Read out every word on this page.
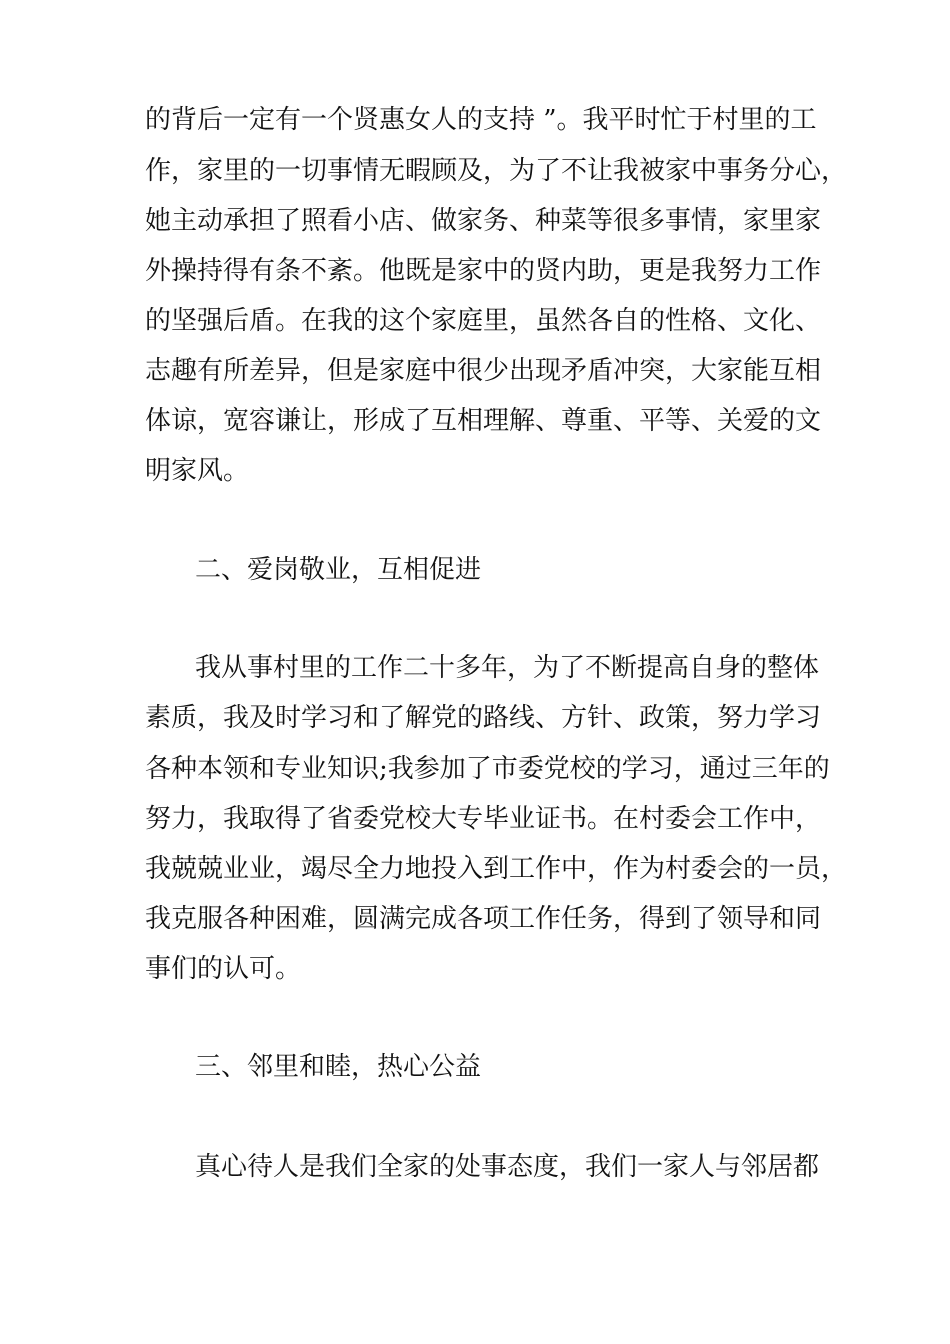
的背后一定有一个贤惠女人的支持 ”。我平时忙于村里的工
作，家里的一切事情无暇顾及，为了不让我被家中事务分心，
她主动承担了照看小店、做家务、种菜等很多事情，家里家
外操持得有条不紊。他既是家中的贤内助，更是我努力工作
的坚强后盾。在我的这个家庭里，虽然各自的性格、文化、
志趣有所差异，但是家庭中很少出现矛盾冲突，大家能互相
体谅，宽容谦让，形成了互相理解、尊重、平等、关爱的文
明家风。
二、爱岗敬业，互相促进
我从事村里的工作二十多年，为了不断提高自身的整体
素质，我及时学习和了解党的路线、方针、政策，努力学习
各种本领和专业知识;我参加了市委党校的学习，通过三年的
努力，我取得了省委党校大专毕业证书。在村委会工作中，
我兢兢业业，竭尽全力地投入到工作中，作为村委会的一员，
我克服各种困难，圆满完成各项工作任务，得到了领导和同
事们的认可。
三、邻里和睦，热心公益
真心待人是我们全家的处事态度，我们一家人与邻居都
